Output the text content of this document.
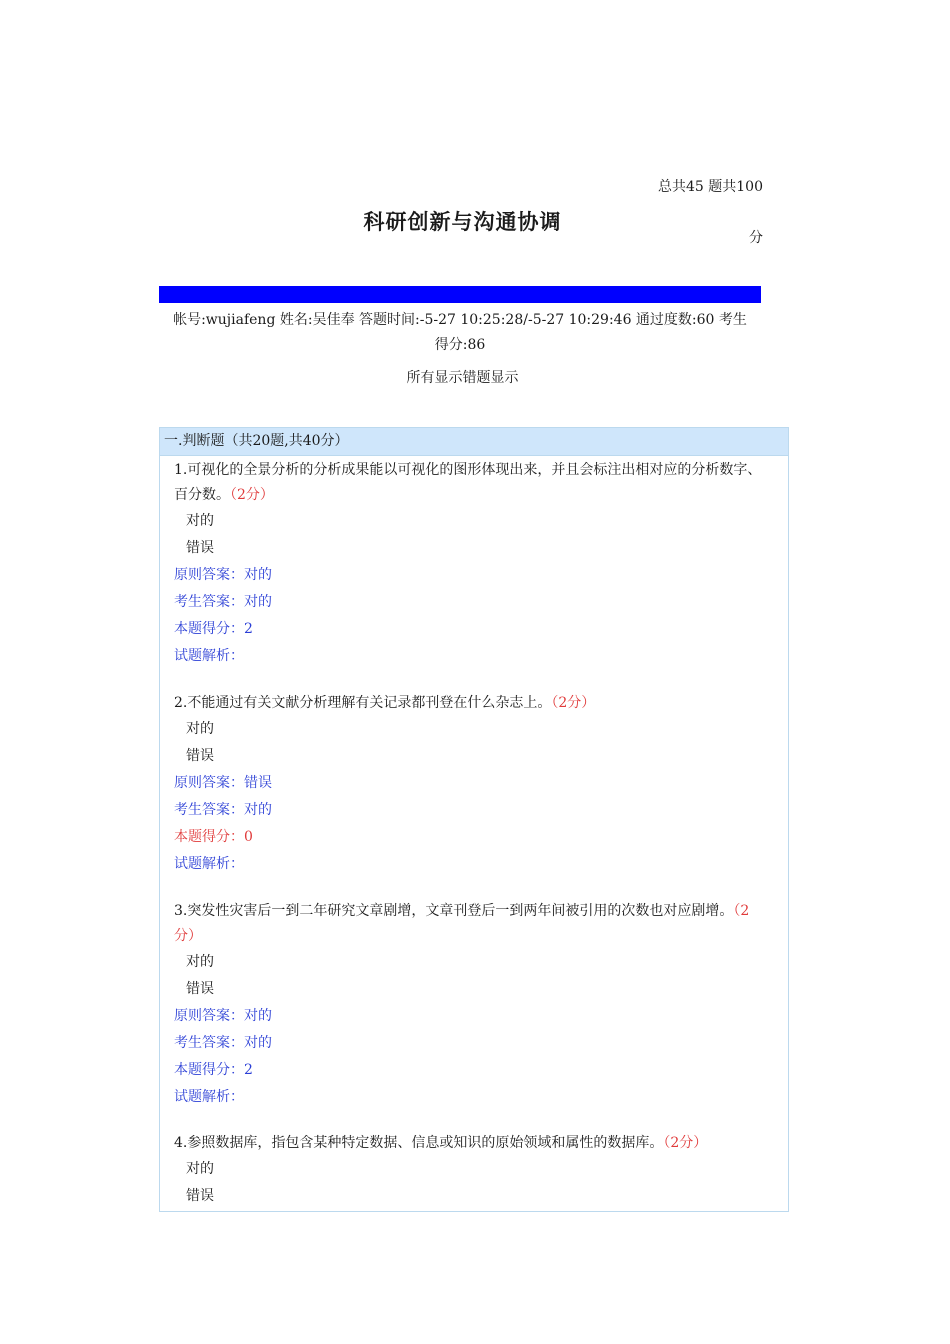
总共45 题共100
分
科研创新与沟通协调
帐号:wujiafeng 姓名:吴佳奉 答题时间:-5-27 10:25:28/-5-27 10:29:46 通过度数:60 考生
得分:86
所有显示错题显示
一.判断题（共20题,共40分）
1.可视化的全景分析的分析成果能以可视化的图形体现出来，并且会标注出相对应的分析数字、
百分数。（2分）
对的
错误
原则答案：对的
考生答案：对的
本题得分：2
试题解析：
2.不能通过有关文献分析理解有关记录都刊登在什么杂志上。（2分）
对的
错误
原则答案：错误
考生答案：对的
本题得分：0
试题解析：
3.突发性灾害后一到二年研究文章剧增，文章刊登后一到两年间被引用的次数也对应剧增。（2
分）
对的
错误
原则答案：对的
考生答案：对的
本题得分：2
试题解析：
4.参照数据库，指包含某种特定数据、信息或知识的原始领域和属性的数据库。（2分）
对的
错误
